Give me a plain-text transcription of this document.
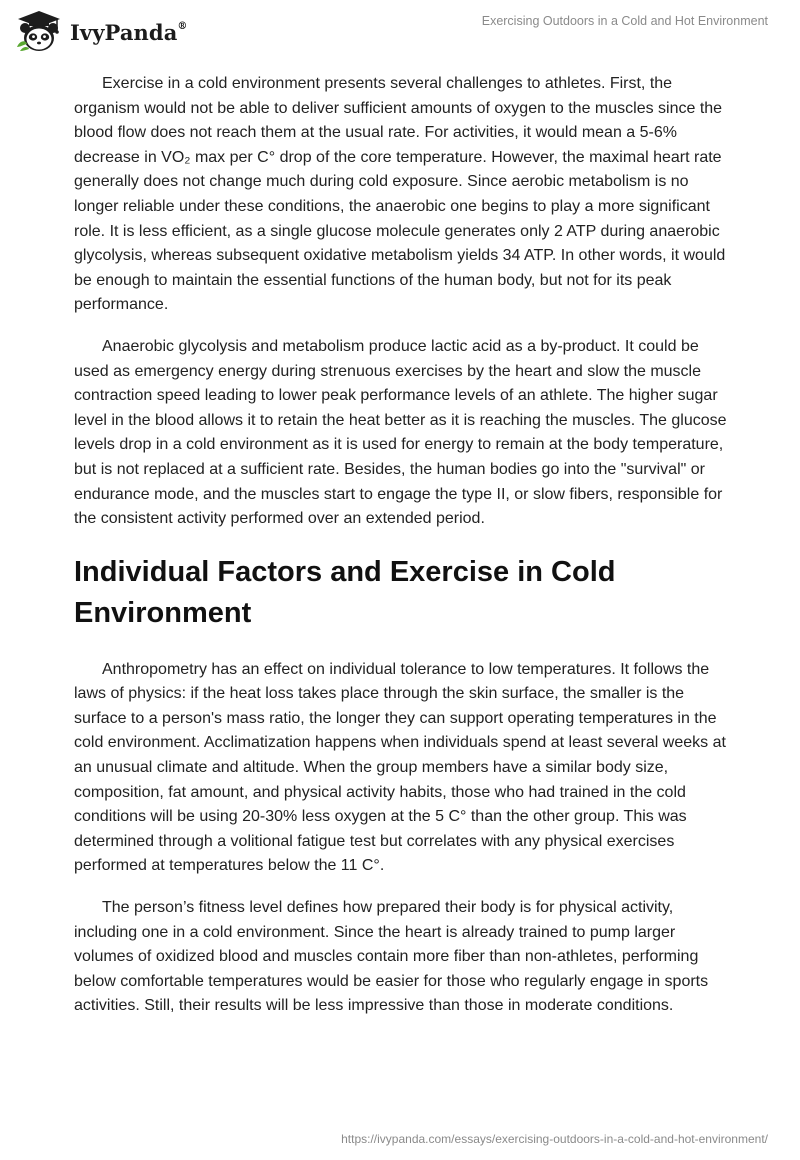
IvyPanda®	Exercising Outdoors in a Cold and Hot Environment

Exercise in a cold environment presents several challenges to athletes. First, the organism would not be able to deliver sufficient amounts of oxygen to the muscles since the blood flow does not reach them at the usual rate. For activities, it would mean a 5-6% decrease in VO₂ max per C° drop of the core temperature. However, the maximal heart rate generally does not change much during cold exposure. Since aerobic metabolism is no longer reliable under these conditions, the anaerobic one begins to play a more significant role. It is less efficient, as a single glucose molecule generates only 2 ATP during anaerobic glycolysis, whereas subsequent oxidative metabolism yields 34 ATP. In other words, it would be enough to maintain the essential functions of the human body, but not for its peak performance.

Anaerobic glycolysis and metabolism produce lactic acid as a by-product. It could be used as emergency energy during strenuous exercises by the heart and slow the muscle contraction speed leading to lower peak performance levels of an athlete. The higher sugar level in the blood allows it to retain the heat better as it is reaching the muscles. The glucose levels drop in a cold environment as it is used for energy to remain at the body temperature, but is not replaced at a sufficient rate. Besides, the human bodies go into the "survival" or endurance mode, and the muscles start to engage the type II, or slow fibers, responsible for the consistent activity performed over an extended period.

Individual Factors and Exercise in Cold Environment

Anthropometry has an effect on individual tolerance to low temperatures. It follows the laws of physics: if the heat loss takes place through the skin surface, the smaller is the surface to a person's mass ratio, the longer they can support operating temperatures in the cold environment. Acclimatization happens when individuals spend at least several weeks at an unusual climate and altitude. When the group members have a similar body size, composition, fat amount, and physical activity habits, those who had trained in the cold conditions will be using 20-30% less oxygen at the 5 C° than the other group. This was determined through a volitional fatigue test but correlates with any physical exercises performed at temperatures below the 11 C°.

The person’s fitness level defines how prepared their body is for physical activity, including one in a cold environment. Since the heart is already trained to pump larger volumes of oxidized blood and muscles contain more fiber than non-athletes, performing below comfortable temperatures would be easier for those who regularly engage in sports activities. Still, their results will be less impressive than those in moderate conditions.

https://ivypanda.com/essays/exercising-outdoors-in-a-cold-and-hot-environment/
